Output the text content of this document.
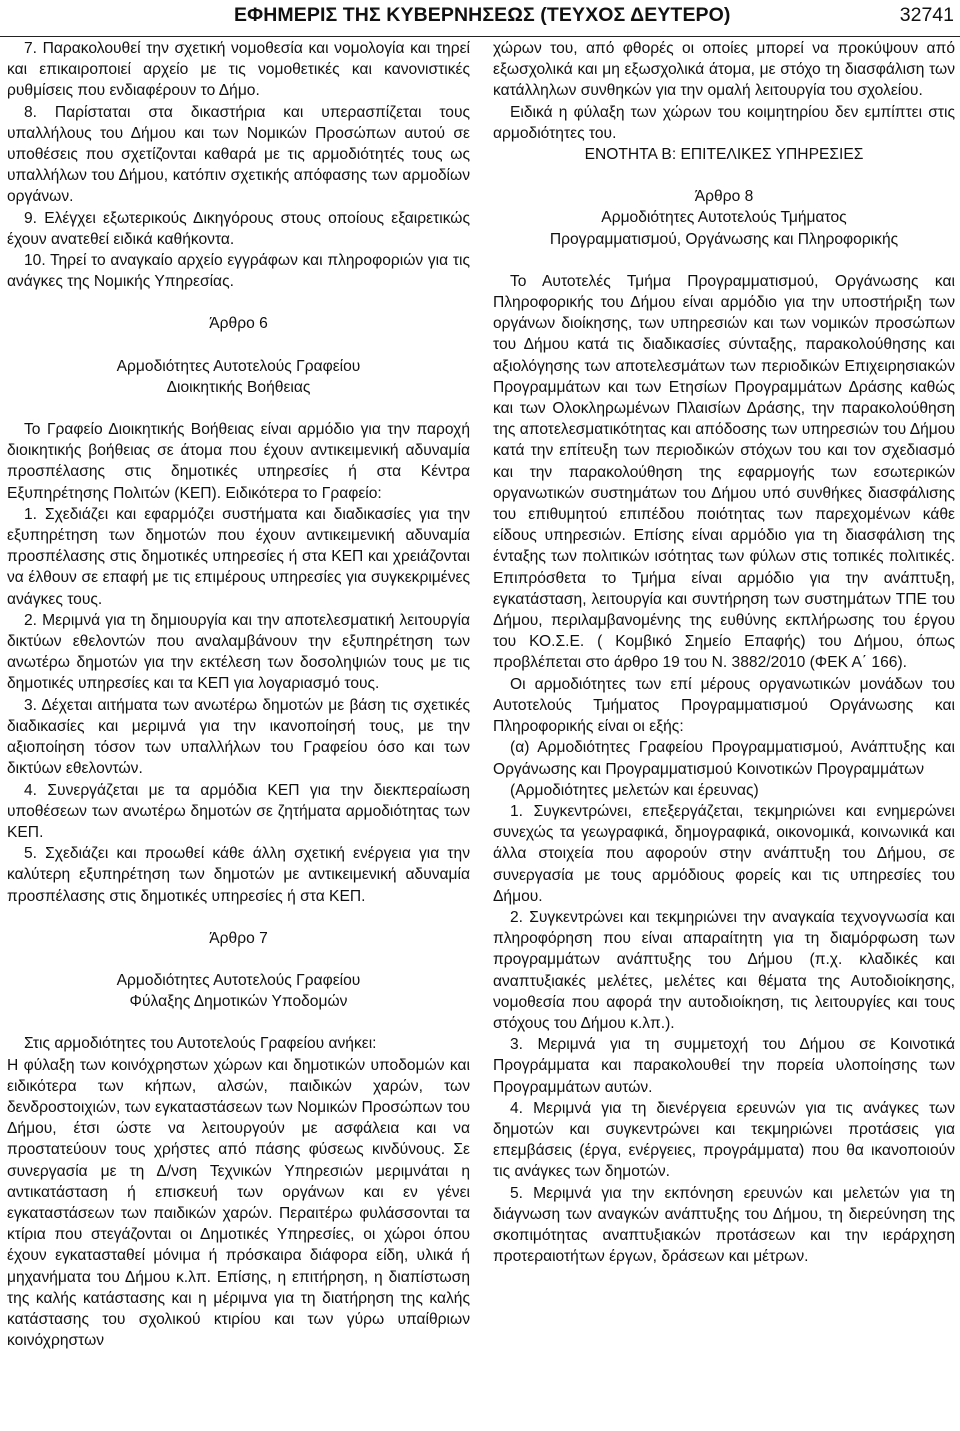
ΕΦΗΜΕΡΙΣ ΤΗΣ ΚΥΒΕΡΝΗΣΕΩΣ (ΤΕΥΧΟΣ ΔΕΥΤΕΡΟ)	32741

7. Παρακολουθεί την σχετική νομοθεσία και νομολογία και τηρεί και επικαιροποιεί αρχείο με τις νομοθετικές και κανονιστικές ρυθμίσεις που ενδιαφέρουν το Δήμο.

8. Παρίσταται στα δικαστήρια και υπερασπίζεται τους υπαλλήλους του Δήμου και των Νομικών Προσώπων αυτού σε υποθέσεις που σχετίζονται καθαρά με τις αρμοδιότητές τους ως υπαλλήλων του Δήμου, κατόπιν σχετικής απόφασης των αρμοδίων οργάνων.

9. Ελέγχει εξωτερικούς Δικηγόρους στους οποίους εξαιρετικώς έχουν ανατεθεί ειδικά καθήκοντα.

10. Τηρεί το αναγκαίο αρχείο εγγράφων και πληροφοριών για τις ανάγκες της Νομικής Υπηρεσίας.

Άρθρο 6

Αρμοδιότητες Αυτοτελούς Γραφείου

Διοικητικής Βοήθειας

Το Γραφείο Διοικητικής Βοήθειας είναι αρμόδιο για την παροχή διοικητικής βοήθειας σε άτομα που έχουν αντικειμενική αδυναμία προσπέλασης στις δημοτικές υπηρεσίες ή στα Κέντρα Εξυπηρέτησης Πολιτών (ΚΕΠ). Ειδικότερα το Γραφείο:

1. Σχεδιάζει και εφαρμόζει συστήματα και διαδικασίες για την εξυπηρέτηση των δημοτών που έχουν αντικειμενική αδυναμία προσπέλασης στις δημοτικές υπηρεσίες ή στα ΚΕΠ και χρειάζονται να έλθουν σε επαφή με τις επιμέρους υπηρεσίες για συγκεκριμένες ανάγκες τους.

2. Μεριμνά για τη δημιουργία και την αποτελεσματική λειτουργία δικτύων εθελοντών που αναλαμβάνουν την εξυπηρέτηση των ανωτέρω δημοτών για την εκτέλεση των δοσοληψιών τους με τις δημοτικές υπηρεσίες και τα ΚΕΠ για λογαριασμό τους.

3. Δέχεται αιτήματα των ανωτέρω δημοτών με βάση τις σχετικές διαδικασίες και μεριμνά για την ικανοποίησή τους, με την αξιοποίηση τόσον των υπαλλήλων του Γραφείου όσο και των δικτύων εθελοντών.

4. Συνεργάζεται με τα αρμόδια ΚΕΠ για την διεκπεραίωση υποθέσεων των ανωτέρω δημοτών σε ζητήματα αρμοδιότητας των ΚΕΠ.

5. Σχεδιάζει και προωθεί κάθε άλλη σχετική ενέργεια για την καλύτερη εξυπηρέτηση των δημοτών με αντικειμενική αδυναμία προσπέλασης στις δημοτικές υπηρεσίες ή στα ΚΕΠ.

Άρθρο 7

Αρμοδιότητες Αυτοτελούς Γραφείου

Φύλαξης Δημοτικών Υποδομών

Στις αρμοδιότητες του Αυτοτελούς Γραφείου ανήκει:

Η φύλαξη των κοινόχρηστων χώρων και δημοτικών υποδομών και ειδικότερα των κήπων, αλσών, παιδικών χαρών, των δενδροστοιχιών, των εγκαταστάσεων των Νομικών Προσώπων του Δήμου, έτσι ώστε να λειτουργούν με ασφάλεια και να προστατεύουν τους χρήστες από πάσης φύσεως κινδύνους. Σε συνεργασία με τη Δ/νση Τεχνικών Υπηρεσιών μεριμνάται η αντικατάσταση ή επισκευή των οργάνων και εν γένει εγκαταστάσεων των παιδικών χαρών. Περαιτέρω φυλάσσονται τα κτίρια που στεγάζονται οι Δημοτικές Υπηρεσίες, οι χώροι όπου έχουν εγκατασταθεί μόνιμα ή πρόσκαιρα διάφορα είδη, υλικά ή μηχανήματα του Δήμου κ.λπ. Επίσης, η επιτήρηση, η διαπίστωση της καλής κατάστασης και η μέριμνα για τη διατήρηση της καλής κατάστασης του σχολικού κτιρίου και των γύρω υπαίθριων κοινόχρηστων

χώρων του, από φθορές οι οποίες μπορεί να προκύψουν από εξωσχολικά και μη εξωσχολικά άτομα, με στόχο τη διασφάλιση των κατάλληλων συνθηκών για την ομαλή λειτουργία του σχολείου.

Ειδικά η φύλαξη των χώρων του κοιμητηρίου δεν εμπίπτει στις αρμοδιότητες του.

ΕΝΟΤΗΤΑ Β: ΕΠΙΤΕΛΙΚΕΣ ΥΠΗΡΕΣΙΕΣ

Άρθρο 8

Αρμοδιότητες Αυτοτελούς Τμήματος

Προγραμματισμού, Οργάνωσης και Πληροφορικής

Το Αυτοτελές Τμήμα Προγραμματισμού, Οργάνωσης και Πληροφορικής του Δήμου είναι αρμόδιο για την υποστήριξη των οργάνων διοίκησης, των υπηρεσιών και των νομικών προσώπων του Δήμου κατά τις διαδικασίες σύνταξης, παρακολούθησης και αξιολόγησης των αποτελεσμάτων των περιοδικών Επιχειρησιακών Προγραμμάτων και των Ετησίων Προγραμμάτων Δράσης καθώς και των Ολοκληρωμένων Πλαισίων Δράσης, την παρακολούθηση της αποτελεσματικότητας και απόδοσης των υπηρεσιών του Δήμου κατά την επίτευξη των περιοδικών στόχων του και τον σχεδιασμό και την παρακολούθηση της εφαρμογής των εσωτερικών οργανωτικών συστημάτων του Δήμου υπό συνθήκες διασφάλισης του επιθυμητού επιπέδου ποιότητας των παρεχομένων κάθε είδους υπηρεσιών. Επίσης είναι αρμόδιο για τη διασφάλιση της ένταξης των πολιτικών ισότητας των φύλων στις τοπικές πολιτικές. Επιπρόσθετα το Τμήμα είναι αρμόδιο για την ανάπτυξη, εγκατάσταση, λειτουργία και συντήρηση των συστημάτων ΤΠΕ του Δήμου, περιλαμβανομένης της ευθύνης εκπλήρωσης του έργου του ΚΟ.Σ.Ε. ( Κομβικό Σημείο Επαφής) του Δήμου, όπως προβλέπεται στο άρθρο 19 του Ν. 3882/2010 (ΦΕΚ Α΄ 166).

Οι αρμοδιότητες των επί μέρους οργανωτικών μονάδων του Αυτοτελούς Τμήματος Προγραμματισμού Οργάνωσης και Πληροφορικής είναι οι εξής:

(α) Αρμοδιότητες Γραφείου Προγραμματισμού, Ανάπτυξης και Οργάνωσης και Προγραμματισμού Κοινοτικών Προγραμμάτων

(Αρμοδιότητες μελετών και έρευνας)

1. Συγκεντρώνει, επεξεργάζεται, τεκμηριώνει και ενημερώνει συνεχώς τα γεωγραφικά, δημογραφικά, οικονομικά, κοινωνικά και άλλα στοιχεία που αφορούν στην ανάπτυξη του Δήμου, σε συνεργασία με τους αρμόδιους φορείς και τις υπηρεσίες του Δήμου.

2. Συγκεντρώνει και τεκμηριώνει την αναγκαία τεχνογνωσία και πληροφόρηση που είναι απαραίτητη για τη διαμόρφωση των προγραμμάτων ανάπτυξης του Δήμου (π.χ. κλαδικές και αναπτυξιακές μελέτες, μελέτες και θέματα της Αυτοδιοίκησης, νομοθεσία που αφορά την αυτοδιοίκηση, τις λειτουργίες και τους στόχους του Δήμου κ.λπ.).

3. Μεριμνά για τη συμμετοχή του Δήμου σε Κοινοτικά Προγράμματα και παρακολουθεί την πορεία υλοποίησης των Προγραμμάτων αυτών.

4. Μεριμνά για τη διενέργεια ερευνών για τις ανάγκες των δημοτών και συγκεντρώνει και τεκμηριώνει προτάσεις για επεμβάσεις (έργα, ενέργειες, προγράμματα) που θα ικανοποιούν τις ανάγκες των δημοτών.

5. Μεριμνά για την εκπόνηση ερευνών και μελετών για τη διάγνωση των αναγκών ανάπτυξης του Δήμου, τη διερεύνηση της σκοπιμότητας αναπτυξιακών προτάσεων και την ιεράρχηση προτεραιοτήτων έργων, δράσεων και μέτρων.
